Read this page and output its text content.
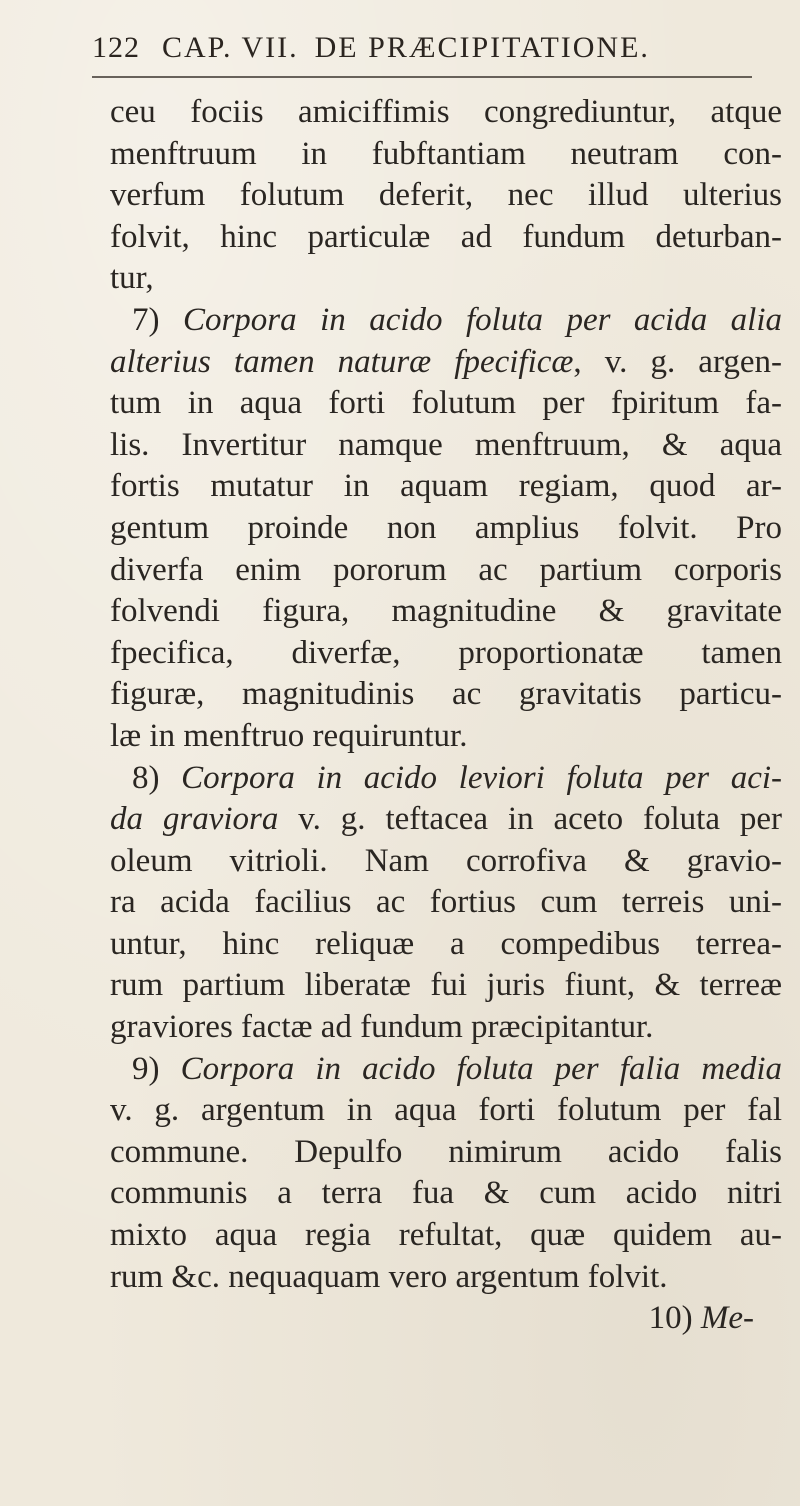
122 CAP. VII. DE PRÆCIPITATIONE.
ceu fociis amiciffimis congrediuntur, atque
menftruum in fubftantiam neutram con-
verfum folutum deferit, nec illud ulterius
folvit, hinc particulæ ad fundum deturban-
tur,
7) Corpora in acido foluta per acida alia
alterius tamen naturæ fpecificæ, v. g. argen-
tum in aqua forti folutum per fpiritum fa-
lis. Invertitur namque menftruum, & aqua
fortis mutatur in aquam regiam, quod ar-
gentum proinde non amplius folvit. Pro
diverfa enim pororum ac partium corporis
folvendi figura, magnitudine & gravitate
fpecifica, diverfæ, proportionatæ tamen
figuræ, magnitudinis ac gravitatis particu-
læ in menftruo requiruntur.
8) Corpora in acido leviori foluta per aci-
da graviora v. g. teftacea in aceto foluta per
oleum vitrioli. Nam corrofiva & gravio-
ra acida facilius ac fortius cum terreis uni-
untur, hinc reliquæ a compedibus terrea-
rum partium liberatæ fui juris fiunt, & terreæ
graviores factæ ad fundum præcipitantur.
9) Corpora in acido foluta per falia media
v. g. argentum in aqua forti folutum per fal
commune. Depulfo nimirum acido falis
communis a terra fua & cum acido nitri
mixto aqua regia refultat, quæ quidem au-
rum &c. nequaquam vero argentum folvit.
10) Me-
